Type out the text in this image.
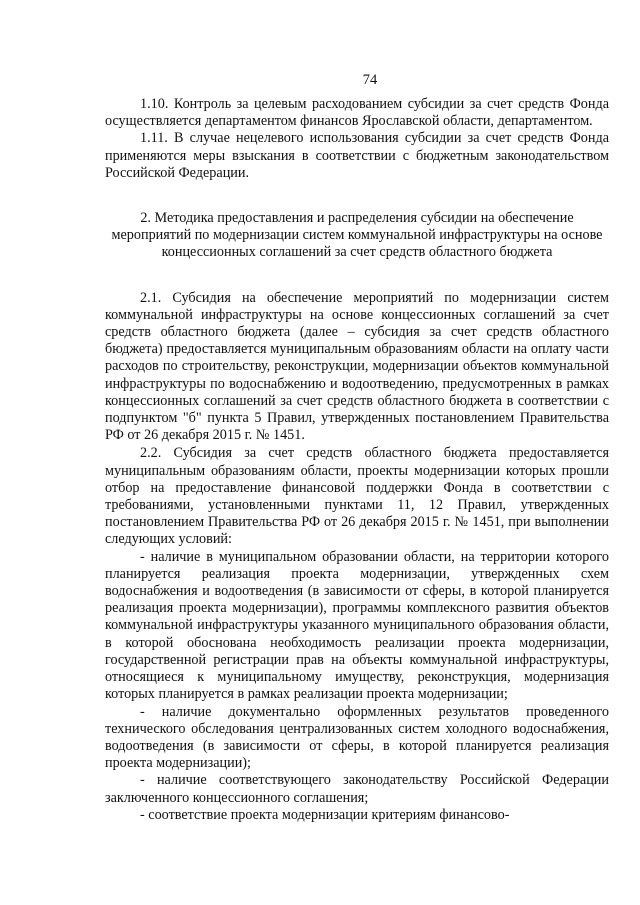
74

1.10. Контроль за целевым расходованием субсидии за счет средств Фонда осуществляется департаментом финансов Ярославской области, департаментом.

1.11. В случае нецелевого использования субсидии за счет средств Фонда применяются меры взыскания в соответствии с бюджетным законодательством Российской Федерации.

2. Методика предоставления и распределения субсидии на обеспечение мероприятий по модернизации систем коммунальной инфраструктуры на основе концессионных соглашений за счет средств областного бюджета

2.1. Субсидия на обеспечение мероприятий по модернизации систем коммунальной инфраструктуры на основе концессионных соглашений за счет средств областного бюджета (далее – субсидия за счет средств областного бюджета) предоставляется муниципальным образованиям области на оплату части расходов по строительству, реконструкции, модернизации объектов коммунальной инфраструктуры по водоснабжению и водоотведению, предусмотренных в рамках концессионных соглашений за счет средств областного бюджета в соответствии с подпунктом "б" пункта 5 Правил, утвержденных постановлением Правительства РФ от 26 декабря 2015 г. № 1451.

2.2. Субсидия за счет средств областного бюджета предоставляется муниципальным образованиям области, проекты модернизации которых прошли отбор на предоставление финансовой поддержки Фонда в соответствии с требованиями, установленными пунктами 11, 12 Правил, утвержденных постановлением Правительства РФ от 26 декабря 2015 г. № 1451, при выполнении следующих условий:

- наличие в муниципальном образовании области, на территории которого планируется реализация проекта модернизации, утвержденных схем водоснабжения и водоотведения (в зависимости от сферы, в которой планируется реализация проекта модернизации), программы комплексного развития объектов коммунальной инфраструктуры указанного муниципального образования области, в которой обоснована необходимость реализации проекта модернизации, государственной регистрации прав на объекты коммунальной инфраструктуры, относящиеся к муниципальному имуществу, реконструкция, модернизация которых планируется в рамках реализации проекта модернизации;

- наличие документально оформленных результатов проведенного технического обследования централизованных систем холодного водоснабжения, водоотведения (в зависимости от сферы, в которой планируется реализация проекта модернизации);

- наличие соответствующего законодательству Российской Федерации заключенного концессионного соглашения;

- соответствие проекта модернизации критериям финансово-
